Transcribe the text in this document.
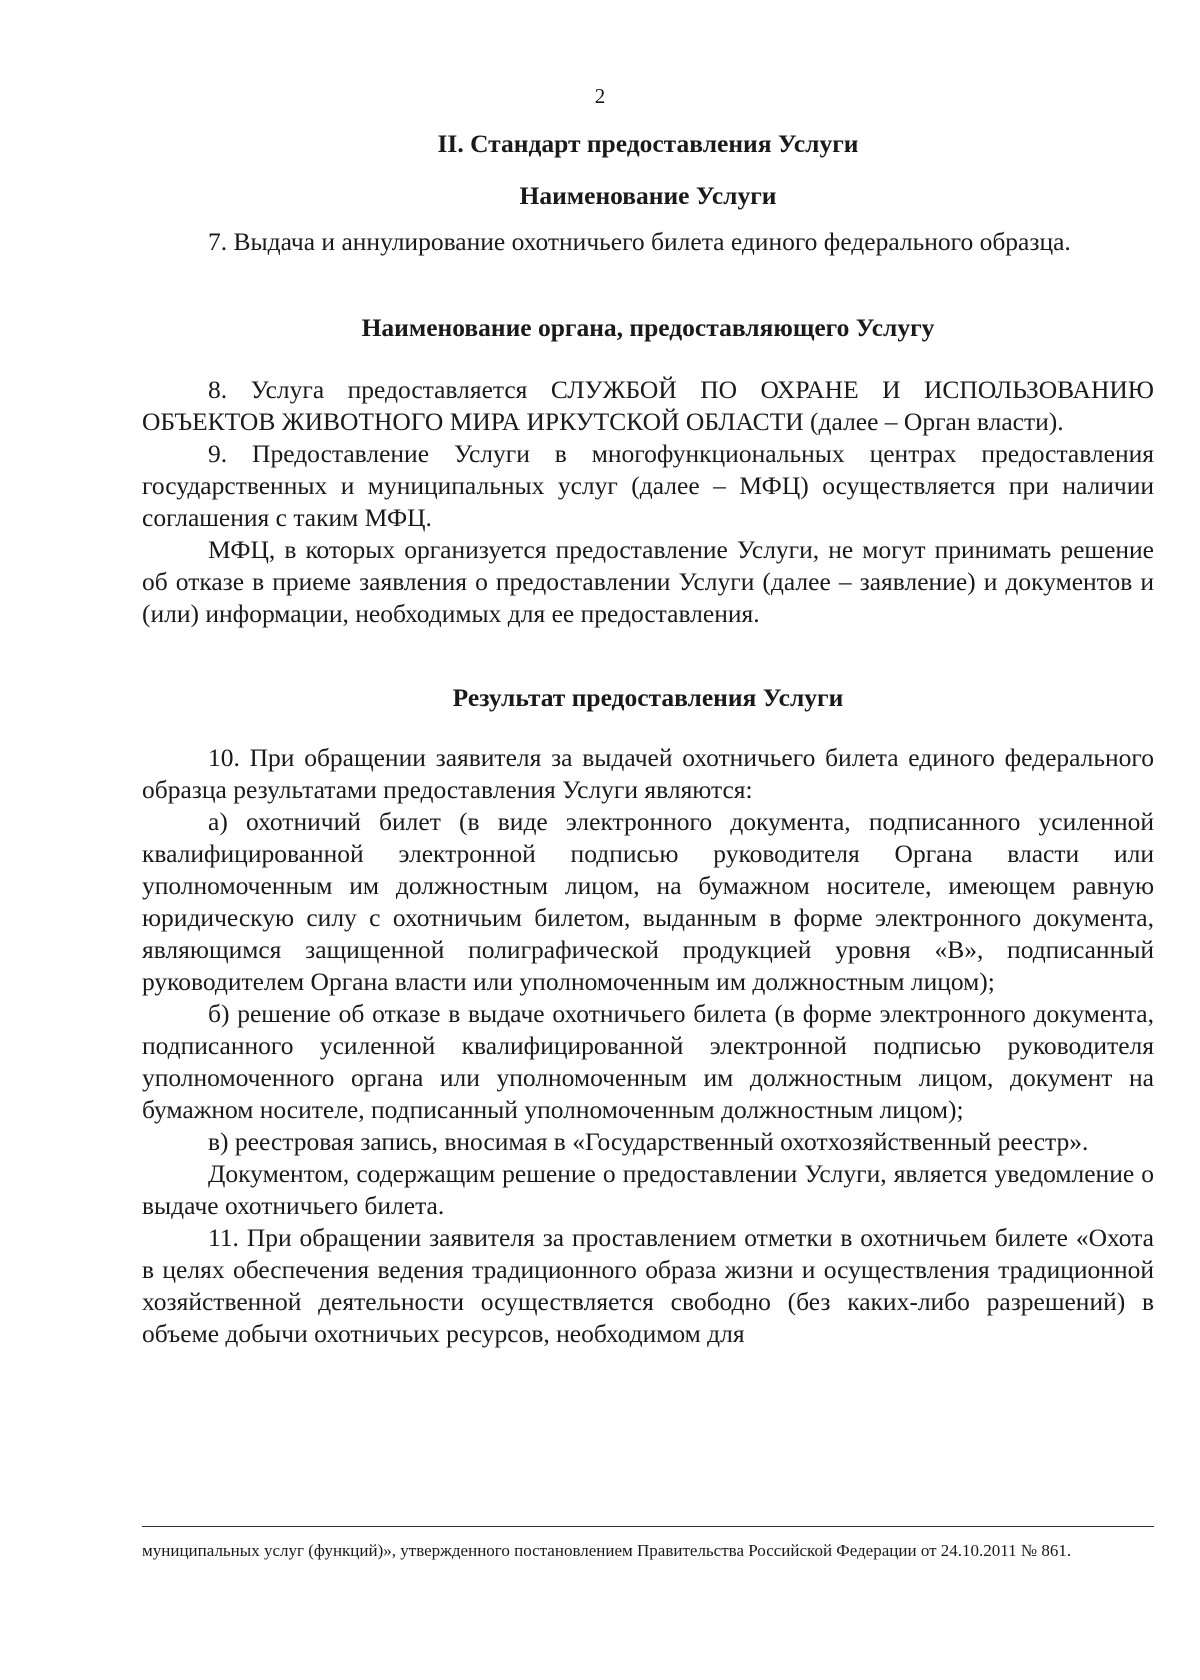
2
II. Стандарт предоставления Услуги
Наименование Услуги

7. Выдача и аннулирование охотничьего билета единого федерального образца.

Наименование органа, предоставляющего Услугу

8. Услуга предоставляется СЛУЖБОЙ ПО ОХРАНЕ И ИСПОЛЬЗОВАНИЮ ОБЪЕКТОВ ЖИВОТНОГО МИРА ИРКУТСКОЙ ОБЛАСТИ (далее – Орган власти).

9. Предоставление Услуги в многофункциональных центрах предоставления государственных и муниципальных услуг (далее – МФЦ) осуществляется при наличии соглашения с таким МФЦ.

МФЦ, в которых организуется предоставление Услуги, не могут принимать решение об отказе в приеме заявления о предоставлении Услуги (далее – заявление) и документов и (или) информации, необходимых для ее предоставления.

Результат предоставления Услуги

10. При обращении заявителя за выдачей охотничьего билета единого федерального образца результатами предоставления Услуги являются:

а) охотничий билет (в виде электронного документа, подписанного усиленной квалифицированной электронной подписью руководителя Органа власти или уполномоченным им должностным лицом, на бумажном носителе, имеющем равную юридическую силу с охотничьим билетом, выданным в форме электронного документа, являющимся защищенной полиграфической продукцией уровня «В», подписанный руководителем Органа власти или уполномоченным им должностным лицом);

б) решение об отказе в выдаче охотничьего билета (в форме электронного документа, подписанного усиленной квалифицированной электронной подписью руководителя уполномоченного органа или уполномоченным им должностным лицом, документ на бумажном носителе, подписанный уполномоченным должностным лицом);

в) реестровая запись, вносимая в «Государственный охотхозяйственный реестр».

Документом, содержащим решение о предоставлении Услуги, является уведомление о выдаче охотничьего билета.

11. При обращении заявителя за проставлением отметки в охотничьем билете «Охота в целях обеспечения ведения традиционного образа жизни и осуществления традиционной хозяйственной деятельности осуществляется свободно (без каких-либо разрешений) в объеме добычи охотничьих ресурсов, необходимом для

муниципальных услуг (функций)», утвержденного постановлением Правительства Российской Федерации от 24.10.2011 № 861.
